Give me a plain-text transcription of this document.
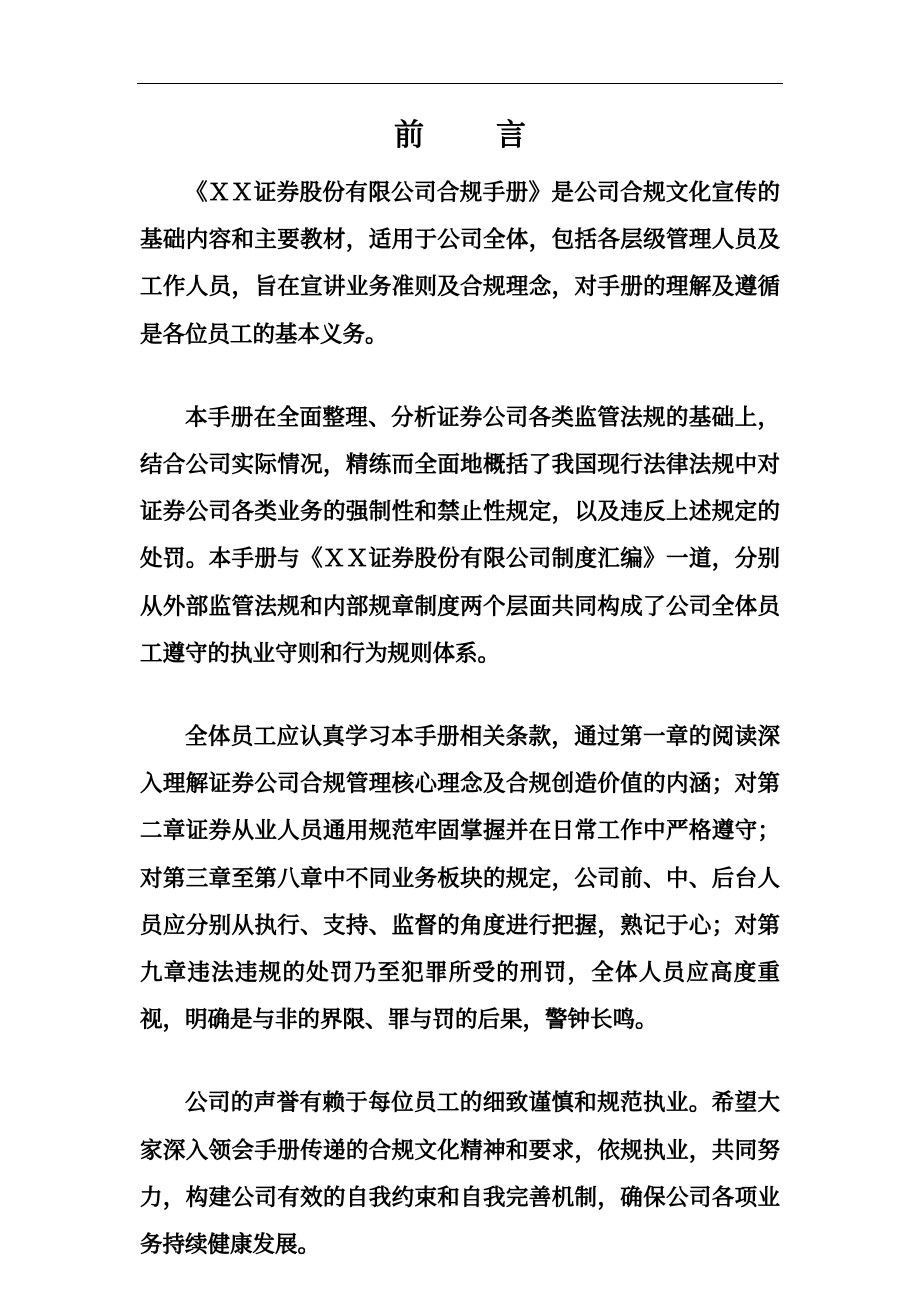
前言

《ＸＸ证券股份有限公司合规手册》是公司合规文化宣传的基础内容和主要教材，适用于公司全体，包括各层级管理人员及工作人员，旨在宣讲业务准则及合规理念，对手册的理解及遵循是各位员工的基本义务。

本手册在全面整理、分析证券公司各类监管法规的基础上，结合公司实际情况，精练而全面地概括了我国现行法律法规中对证券公司各类业务的强制性和禁止性规定，以及违反上述规定的处罚。本手册与《ＸＸ证券股份有限公司制度汇编》一道，分别从外部监管法规和内部规章制度两个层面共同构成了公司全体员工遵守的执业守则和行为规则体系。

全体员工应认真学习本手册相关条款，通过第一章的阅读深入理解证券公司合规管理核心理念及合规创造价值的内涵；对第二章证券从业人员通用规范牢固掌握并在日常工作中严格遵守；对第三章至第八章中不同业务板块的规定，公司前、中、后台人员应分别从执行、支持、监督的角度进行把握，熟记于心；对第九章违法违规的处罚乃至犯罪所受的刑罚，全体人员应高度重视，明确是与非的界限、罪与罚的后果，警钟长鸣。

公司的声誉有赖于每位员工的细致谨慎和规范执业。希望大家深入领会手册传递的合规文化精神和要求，依规执业，共同努力，构建公司有效的自我约束和自我完善机制，确保公司各项业务持续健康发展。
